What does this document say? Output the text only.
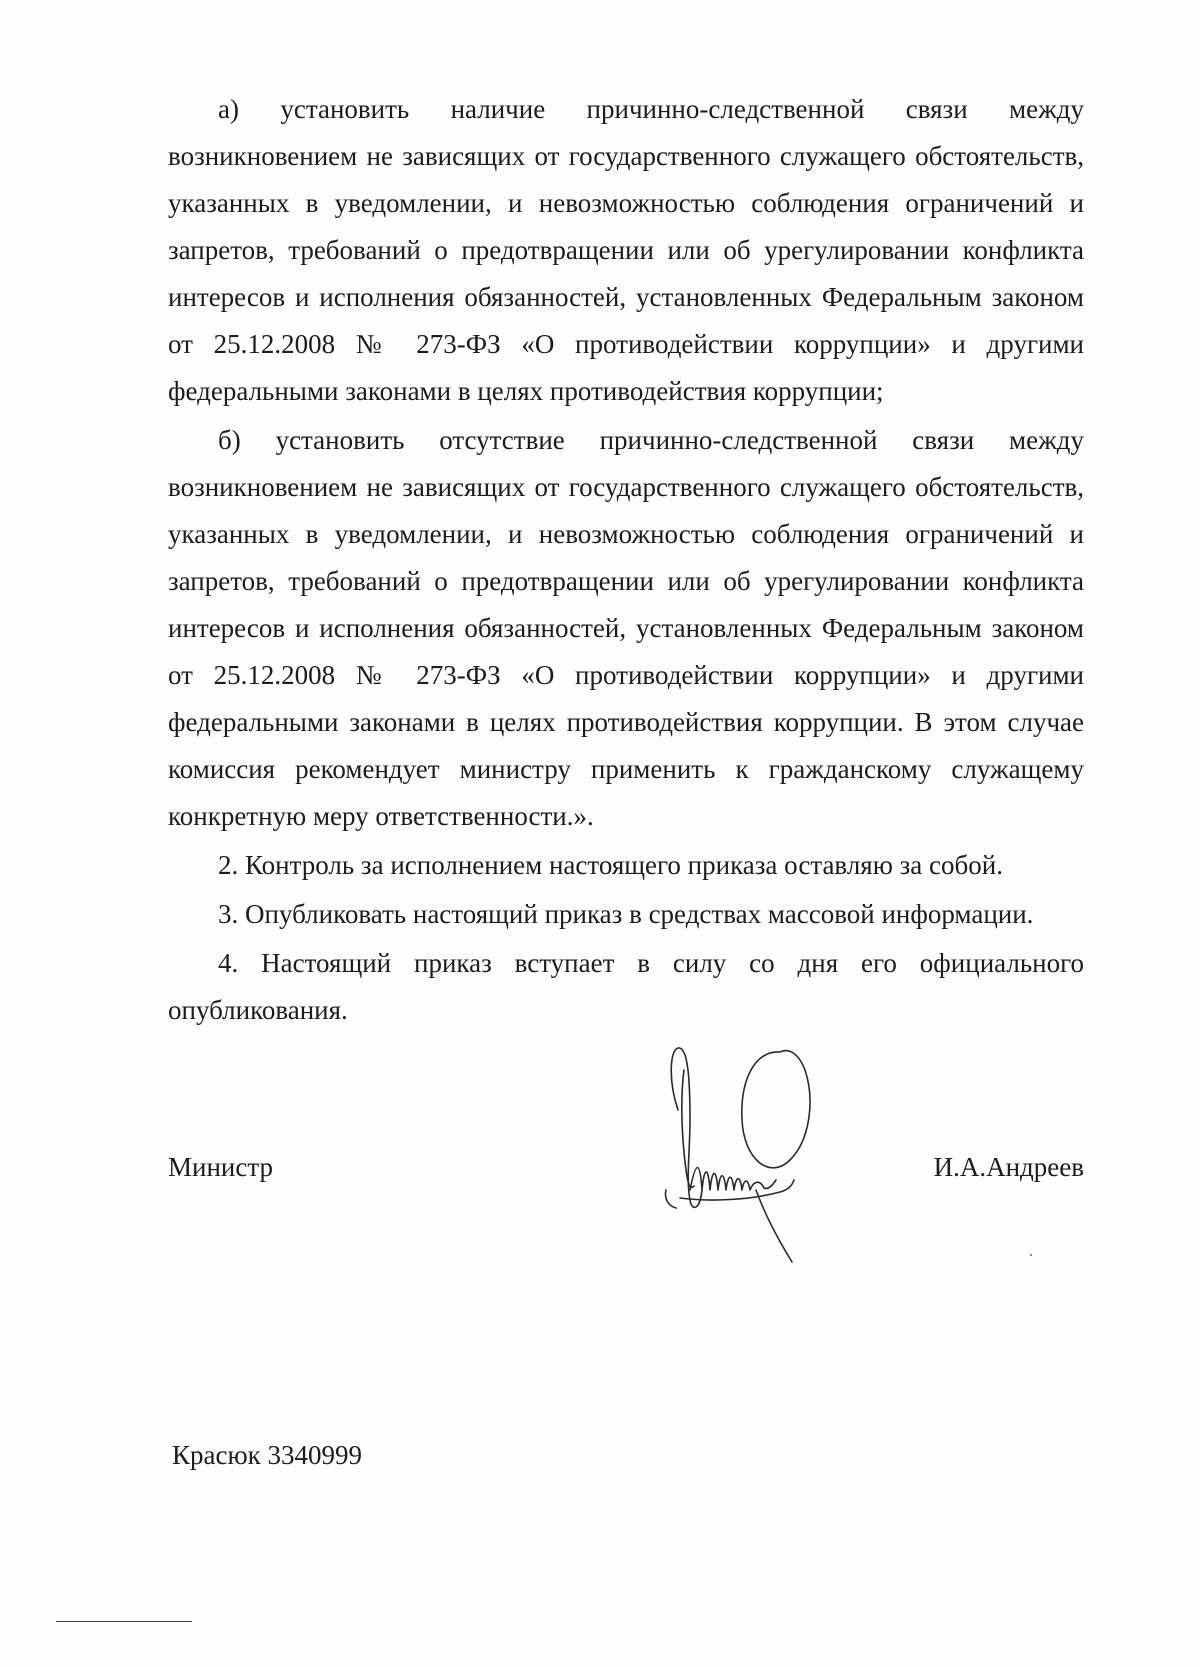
а) установить наличие причинно-следственной связи между возникновением не зависящих от государственного служащего обстоятельств, указанных в уведомлении, и невозможностью соблюдения ограничений и запретов, требований о предотвращении или об урегулировании конфликта интересов и исполнения обязанностей, установленных Федеральным законом от 25.12.2008 № 273-ФЗ «О противодействии коррупции» и другими федеральными законами в целях противодействия коррупции;

б) установить отсутствие причинно-следственной связи между возникновением не зависящих от государственного служащего обстоятельств, указанных в уведомлении, и невозможностью соблюдения ограничений и запретов, требований о предотвращении или об урегулировании конфликта интересов и исполнения обязанностей, установленных Федеральным законом от 25.12.2008 № 273-ФЗ «О противодействии коррупции» и другими федеральными законами в целях противодействия коррупции. В этом случае комиссия рекомендует министру применить к гражданскому служащему конкретную меру ответственности.».

2. Контроль за исполнением настоящего приказа оставляю за собой.

3. Опубликовать настоящий приказ в средствах массовой информации.

4. Настоящий приказ вступает в силу со дня его официального опубликования.

Министр	И.А.Андреев
Красюк 3340999
